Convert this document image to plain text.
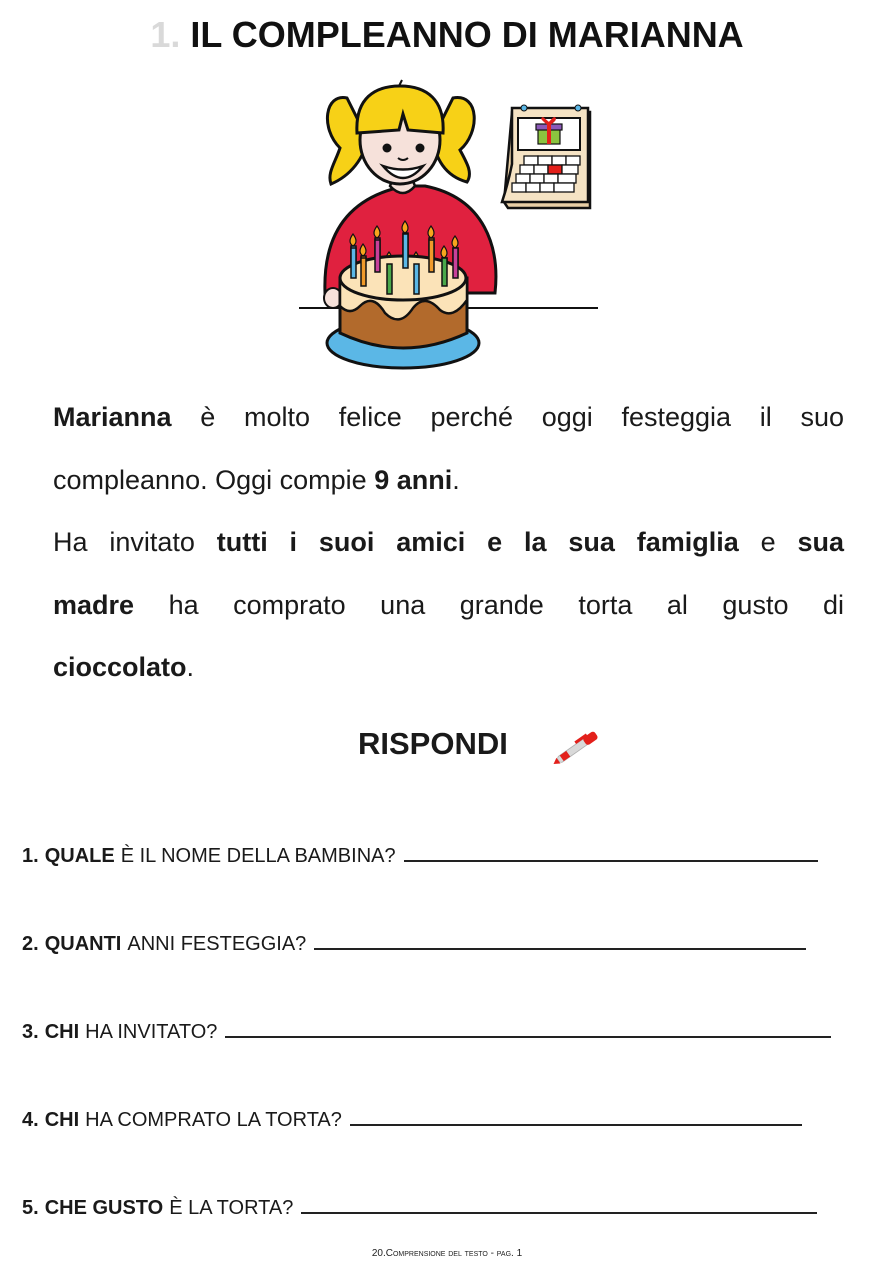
1. IL COMPLEANNO DI MARIANNA

Marianna è molto felice perché oggi festeggia il suo

compleanno. Oggi compie 9 anni.

Ha invitato tutti i suoi amici e la sua famiglia e sua

madre ha comprato una grande torta al gusto di

cioccolato.

RISPONDI
1. QUALE È IL NOME DELLA BAMBINA?
2. QUANTI ANNI FESTEGGIA?
3. CHI HA INVITATO?
4. CHI HA COMPRATO LA TORTA?
5. CHE GUSTO È LA TORTA?
20.Comprensione del testo - pag. 1
